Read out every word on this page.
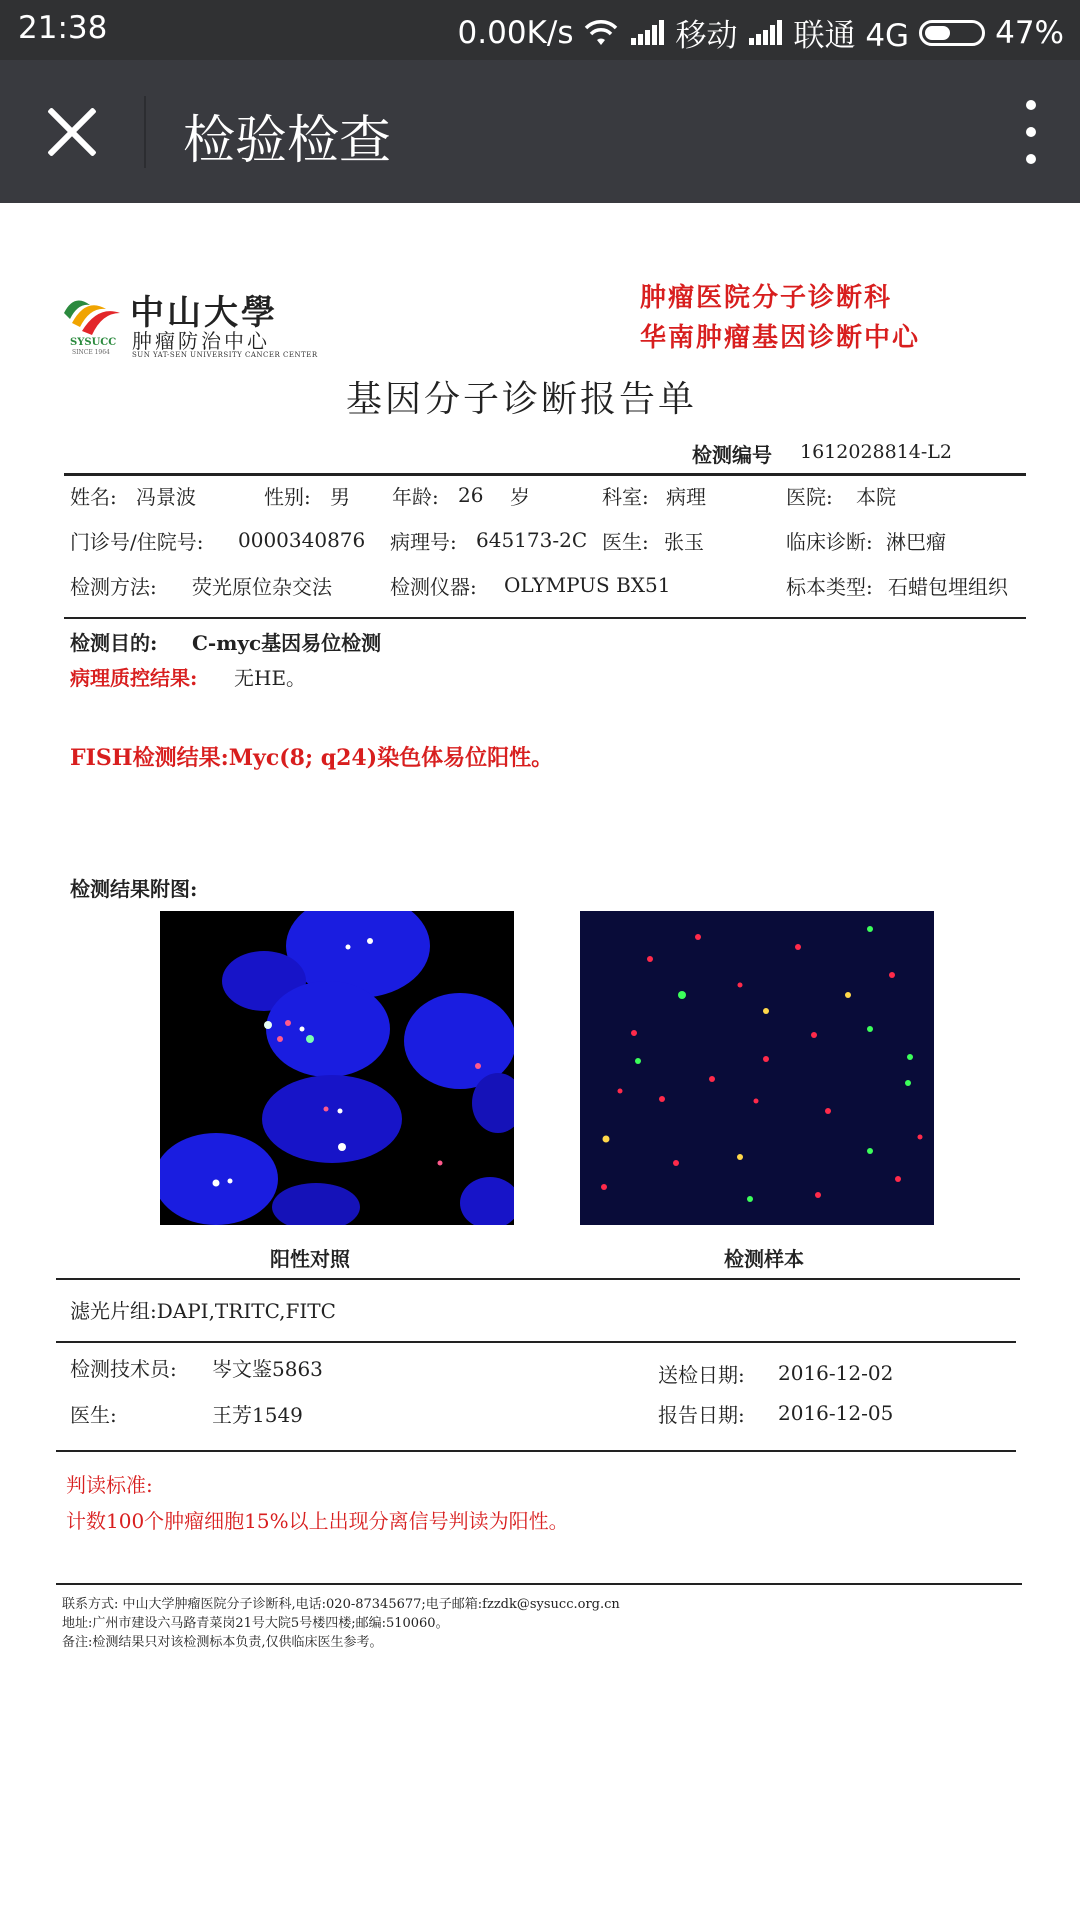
21:38	0.00K/s	移动 联通 4G	47%
检验检查
中山大學
肿瘤防治中心
SUN YAT-SEN UNIVERSITY CANCER CENTER
SYSUCC
SINCE 1964
肿瘤医院分子诊断科
华南肿瘤基因诊断中心
基因分子诊断报告单
检测编号 1612028814-L2
姓名: 冯景波	性别: 男 年龄: 26 岁	科室: 病理	医院: 本院
门诊号/住院号: 0000340876 病理号: 645173-2C 医生: 张玉	临床诊断: 淋巴瘤
检测方法: 荧光原位杂交法	检测仪器: OLYMPUS BX51	标本类型: 石蜡包埋组织
检测目的: C-myc基因易位检测
病理质控结果: 无HE。
FISH检测结果:Myc(8; q24)染色体易位阳性。
检测结果附图:
阳性对照	检测样本
滤光片组:DAPI,TRITC,FITC
检测技术员: 岑文鉴5863
医生:	王芳1549
送检日期: 2016-12-02
报告日期: 2016-12-05
判读标准:
计数100个肿瘤细胞15%以上出现分离信号判读为阳性。
联系方式: 中山大学肿瘤医院分子诊断科,电话:020-87345677;电子邮箱:fzzdk@sysucc.org.cn
地址:广州市建设六马路青菜岗21号大院5号楼四楼;邮编:510060。
备注:检测结果只对该检测标本负责,仅供临床医生参考。
